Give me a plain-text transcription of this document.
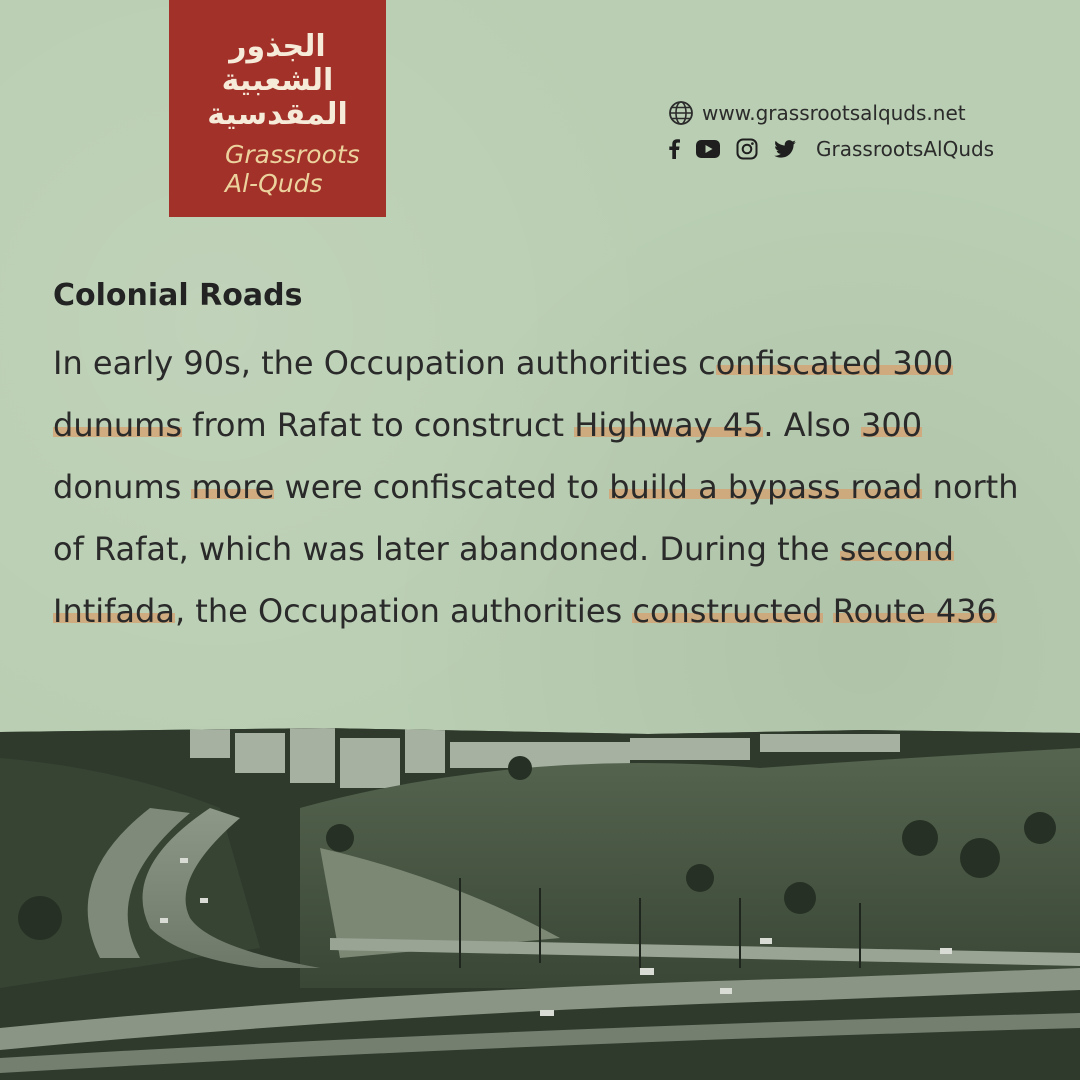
الجذور
الشعبية
المقدسية
Grassroots
Al-Quds
www.grassrootsalquds.net
GrassrootsAlQuds
Colonial Roads
In early 90s, the Occupation authorities confiscated 300 dunums from Rafat to construct Highway 45. Also 300 donums more were confiscated to build a bypass road north of Rafat, which was later abandoned. During the second Intifada, the Occupation authorities constructed Route 436
